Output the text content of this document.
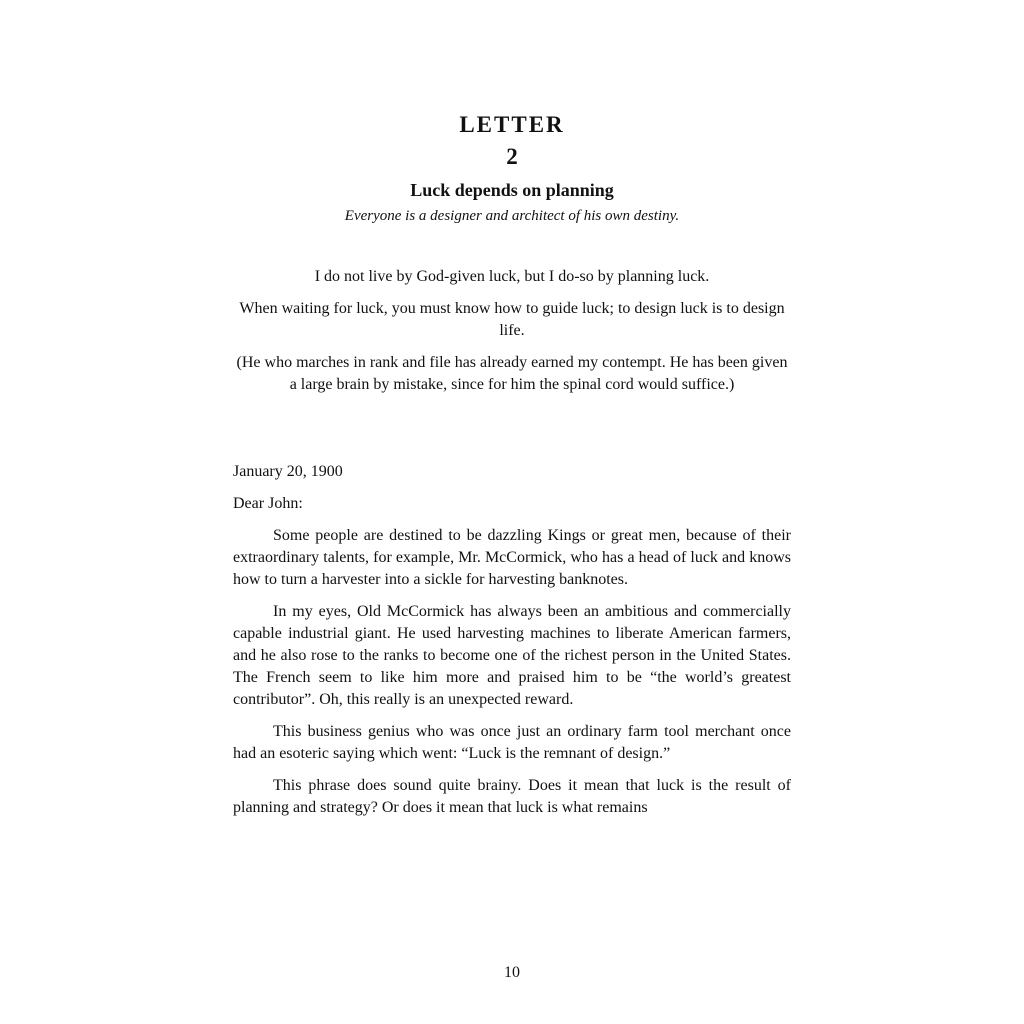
LETTER
2
Luck depends on planning
Everyone is a designer and architect of his own destiny.

I do not live by God-given luck, but I do-so by planning luck.

When waiting for luck, you must know how to guide luck; to design luck is to design life.

(He who marches in rank and file has already earned my contempt. He has been given a large brain by mistake, since for him the spinal cord would suffice.)

January 20, 1900

Dear John:

Some people are destined to be dazzling Kings or great men, because of their extraordinary talents, for example, Mr. McCormick, who has a head of luck and knows how to turn a harvester into a sickle for harvesting banknotes.

In my eyes, Old McCormick has always been an ambitious and commercially capable industrial giant. He used harvesting machines to liberate American farmers, and he also rose to the ranks to become one of the richest person in the United States. The French seem to like him more and praised him to be “the world’s greatest contributor”. Oh, this really is an unexpected reward.

This business genius who was once just an ordinary farm tool merchant once had an esoteric saying which went: “Luck is the remnant of design.”

This phrase does sound quite brainy. Does it mean that luck is the result of planning and strategy? Or does it mean that luck is what remains

10
